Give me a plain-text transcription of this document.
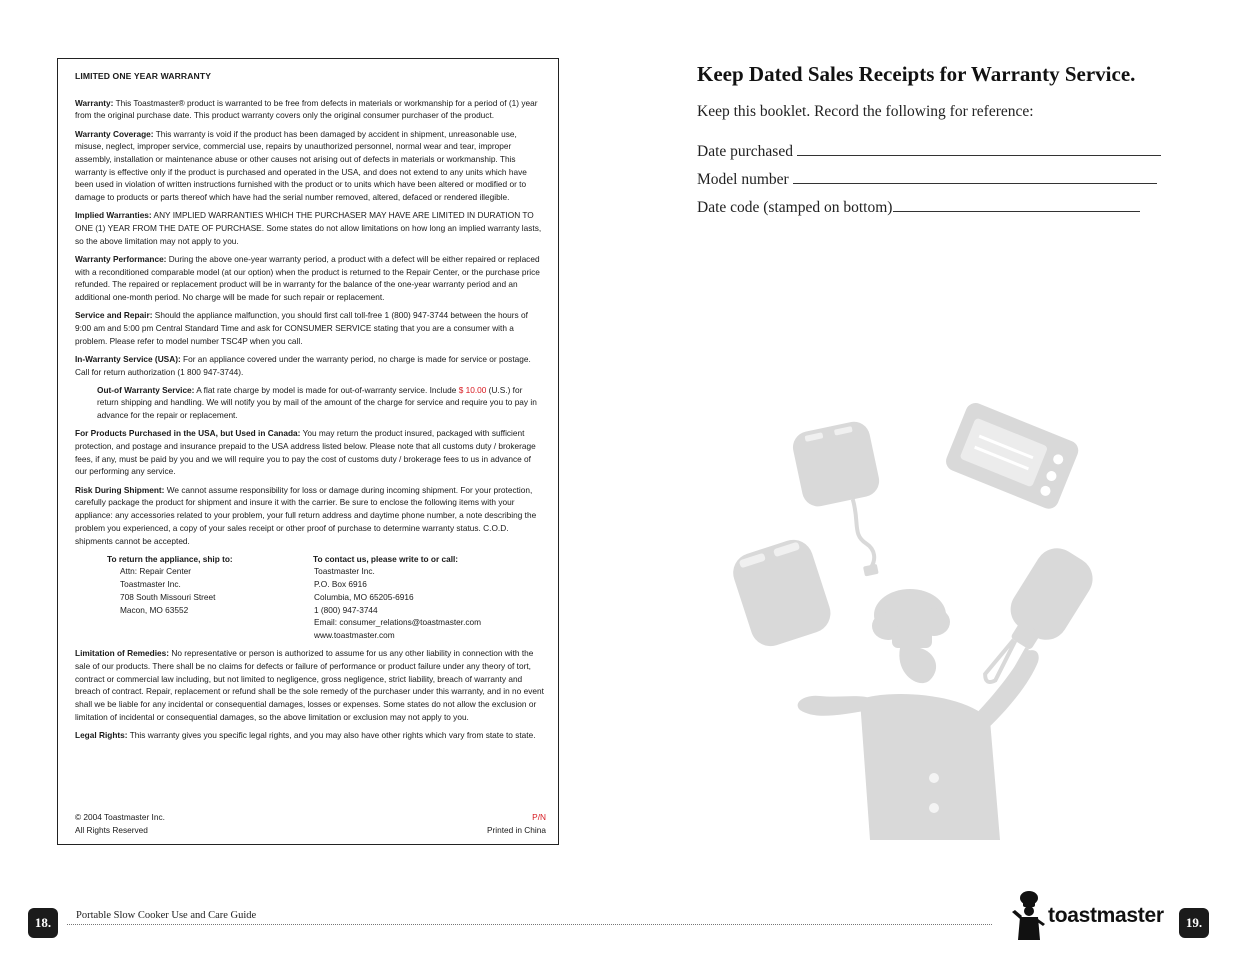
LIMITED ONE YEAR WARRANTY

Warranty: This Toastmaster® product is warranted to be free from defects in materials or workmanship for a period of (1) year from the original purchase date. This product warranty covers only the original consumer purchaser of the product.

Warranty Coverage: This warranty is void if the product has been damaged by accident in shipment, unreasonable use, misuse, neglect, improper service, commercial use, repairs by unauthorized personnel, normal wear and tear, improper assembly, installation or maintenance abuse or other causes not arising out of defects in materials or workmanship. This warranty is effective only if the product is purchased and operated in the USA, and does not extend to any units which have been used in violation of written instructions furnished with the product or to units which have been altered or modified or to damage to products or parts thereof which have had the serial number removed, altered, defaced or rendered illegible.

Implied Warranties: ANY IMPLIED WARRANTIES WHICH THE PURCHASER MAY HAVE ARE LIMITED IN DURATION TO ONE (1) YEAR FROM THE DATE OF PURCHASE. Some states do not allow limitations on how long an implied warranty lasts, so the above limitation may not apply to you.

Warranty Performance: During the above one-year warranty period, a product with a defect will be either repaired or replaced with a reconditioned comparable model (at our option) when the product is returned to the Repair Center, or the purchase price refunded. The repaired or replacement product will be in warranty for the balance of the one-year warranty period and an additional one-month period. No charge will be made for such repair or replacement.

Service and Repair: Should the appliance malfunction, you should first call toll-free 1 (800) 947-3744 between the hours of 9:00 am and 5:00 pm Central Standard Time and ask for CONSUMER SERVICE stating that you are a consumer with a problem. Please refer to model number TSC4P when you call.

In-Warranty Service (USA): For an appliance covered under the warranty period, no charge is made for service or postage. Call for return authorization (1 800 947-3744).

Out-of Warranty Service: A flat rate charge by model is made for out-of-warranty service. Include $ 10.00 (U.S.) for return shipping and handling. We will notify you by mail of the amount of the charge for service and require you to pay in advance for the repair or replacement.

For Products Purchased in the USA, but Used in Canada: You may return the product insured, packaged with sufficient protection, and postage and insurance prepaid to the USA address listed below. Please note that all customs duty / brokerage fees, if any, must be paid by you and we will require you to pay the cost of customs duty / brokerage fees to us in advance of our performing any service.

Risk During Shipment: We cannot assume responsibility for loss or damage during incoming shipment. For your protection, carefully package the product for shipment and insure it with the carrier. Be sure to enclose the following items with your appliance: any accessories related to your problem, your full return address and daytime phone number, a note describing the problem you experienced, a copy of your sales receipt or other proof of purchase to determine warranty status. C.O.D. shipments cannot be accepted.

To return the appliance, ship to:
Attn: Repair Center
Toastmaster Inc.
708 South Missouri Street
Macon, MO 63552
To contact us, please write to or call:
Toastmaster Inc.
P.O. Box 6916
Columbia, MO 65205-6916
1 (800) 947-3744
Email: consumer_relations@toastmaster.com
www.toastmaster.com

Limitation of Remedies: No representative or person is authorized to assume for us any other liability in connection with the sale of our products. There shall be no claims for defects or failure of performance or product failure under any theory of tort, contract or commercial law including, but not limited to negligence, gross negligence, strict liability, breach of warranty and breach of contract. Repair, replacement or refund shall be the sole remedy of the purchaser under this warranty, and in no event shall we be liable for any incidental or consequential damages, losses or expenses. Some states do not allow the exclusion or limitation of incidental or consequential damages, so the above limitation or exclusion may not apply to you.

Legal Rights: This warranty gives you specific legal rights, and you may also have other rights which vary from state to state.

© 2004 Toastmaster Inc.
All Rights Reserved
P/N
Printed in China
Keep Dated Sales Receipts for Warranty Service.
Keep this booklet. Record the following for reference:
Date purchased
Model number
Date code (stamped on bottom)
18.	Portable Slow Cooker Use and Care Guide	toastmaster	19.
